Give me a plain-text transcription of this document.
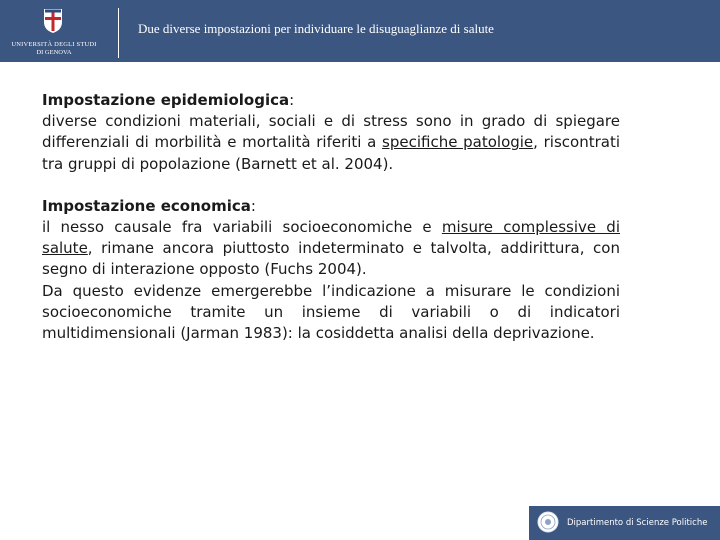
UNIVERSITÀ DEGLI STUDI
DI GENOVA
Due diverse impostazioni per individuare le disuguaglianze di salute

Impostazione epidemiologica:
diverse condizioni materiali, sociali e di stress sono in grado di spiegare differenziali di morbilità e mortalità riferiti a specifiche patologie, riscontrati tra gruppi di popolazione (Barnett et al. 2004).

Impostazione economica:
il nesso causale fra variabili socioeconomiche e misure complessive di salute, rimane ancora piuttosto indeterminato e talvolta, addirittura, con segno di interazione opposto (Fuchs 2004).

Da questo evidenze emergerebbe l’indicazione a misurare le condizioni socioeconomiche tramite un insieme di variabili o di indicatori multidimensionali (Jarman 1983): la cosiddetta analisi della deprivazione.

Dipartimento di Scienze Politiche
